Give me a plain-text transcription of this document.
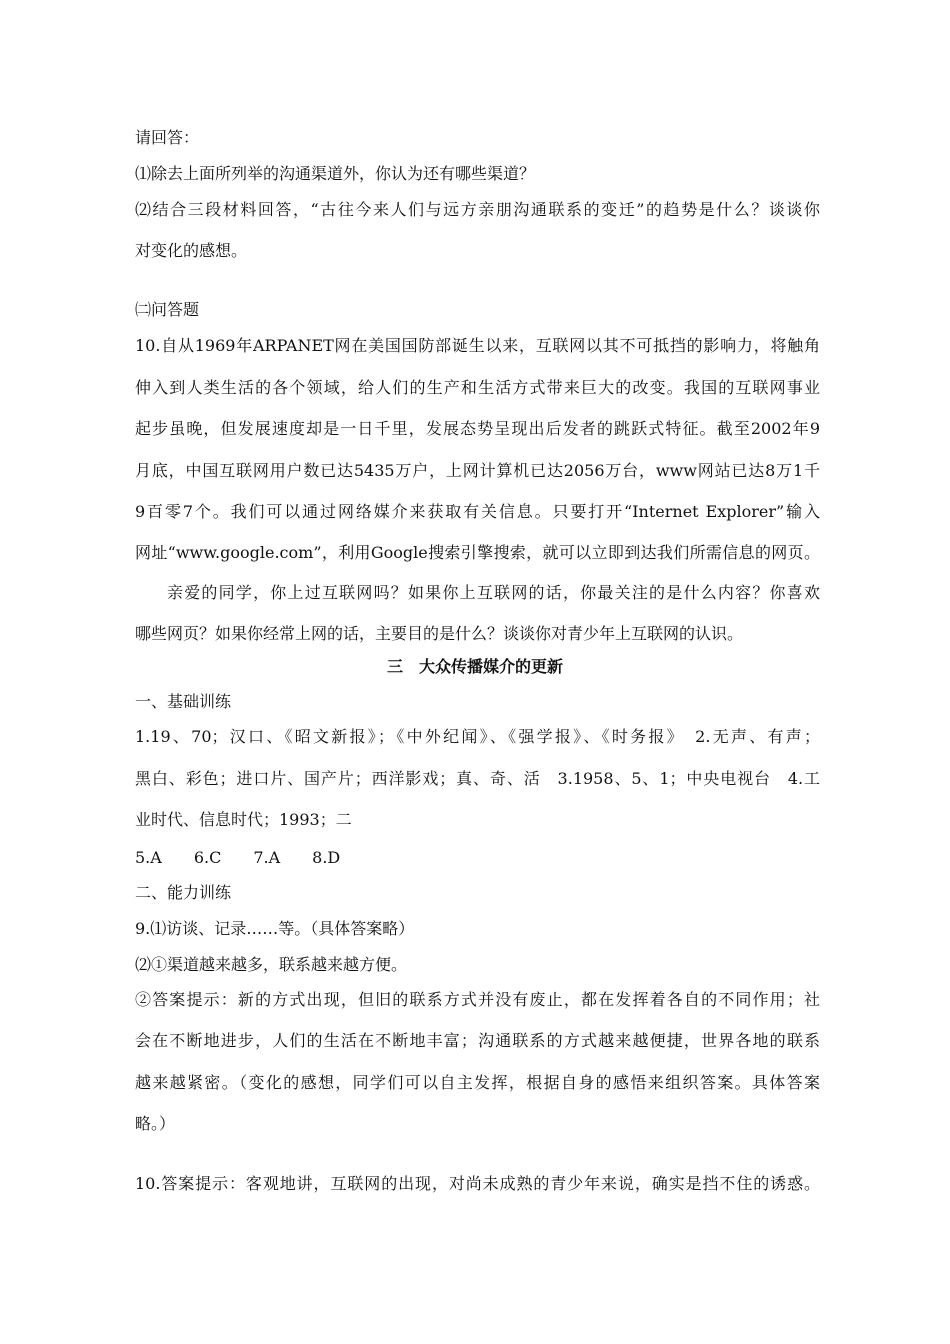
请回答：
⑴除去上面所列举的沟通渠道外，你认为还有哪些渠道？
⑵结合三段材料回答，“古往今来人们与远方亲朋沟通联系的变迁”的趋势是什么？谈谈你
对变化的感想。
㈡问答题
10.自从1969年ARPANET网在美国国防部诞生以来，互联网以其不可抵挡的影响力，将触角
伸入到人类生活的各个领域，给人们的生产和生活方式带来巨大的改变。我国的互联网事业
起步虽晚，但发展速度却是一日千里，发展态势呈现出后发者的跳跃式特征。截至2002年9
月底，中国互联网用户数已达5435万户，上网计算机已达2056万台，www网站已达8万1千
9百零7个。我们可以通过网络媒介来获取有关信息。只要打开“Internet Explorer”输入
网址“www.google.com”，利用Google搜索引擎搜索，就可以立即到达我们所需信息的网页。
亲爱的同学，你上过互联网吗？如果你上互联网的话，你最关注的是什么内容？你喜欢
哪些网页？如果你经常上网的话，主要目的是什么？谈谈你对青少年上互联网的认识。
三　大众传播媒介的更新
一、基础训练
1.19、70；汉口、《昭文新报》；《中外纪闻》、《强学报》、《时务报》　2.无声、有声；
黑白、彩色；进口片、国产片；西洋影戏；真、奇、活　3.1958、5、1；中央电视台　4.工
业时代、信息时代；1993；二
5.A　　6.C　　7.A　　8.D
二、能力训练
9.⑴访谈、记录……等。（具体答案略）
⑵①渠道越来越多，联系越来越方便。
②答案提示：新的方式出现，但旧的联系方式并没有废止，都在发挥着各自的不同作用；社
会在不断地进步，人们的生活在不断地丰富；沟通联系的方式越来越便捷，世界各地的联系
越来越紧密。（变化的感想，同学们可以自主发挥，根据自身的感悟来组织答案。具体答案
略。）
10.答案提示：客观地讲，互联网的出现，对尚未成熟的青少年来说，确实是挡不住的诱惑。
